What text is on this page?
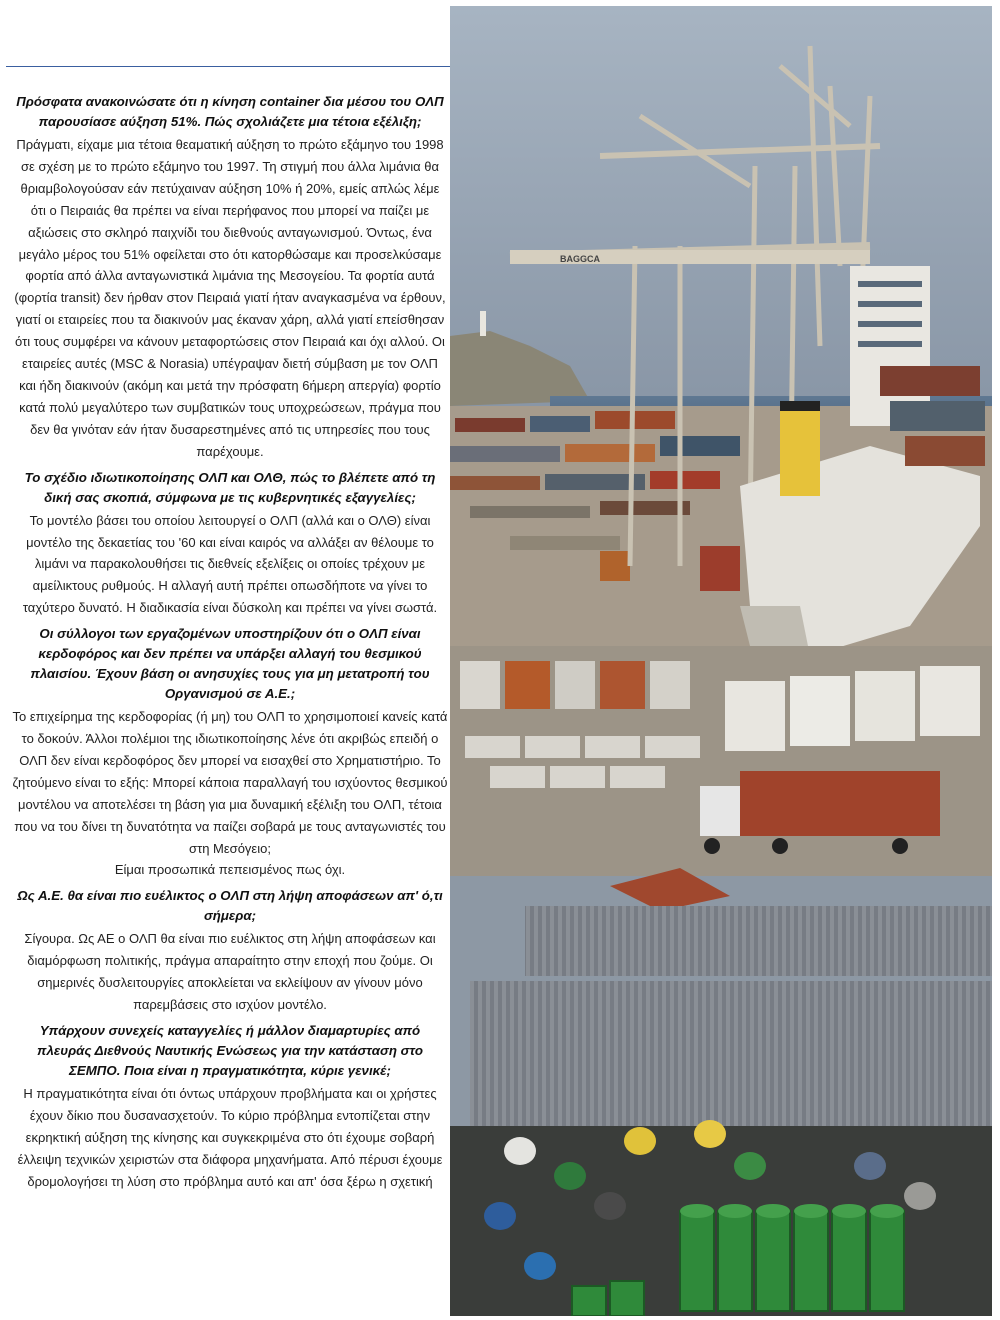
Πρόσφατα ανακοινώσατε ότι η κίνηση container δια μέσου του ΟΛΠ παρουσίασε αύξηση 51%. Πώς σχολιάζετε μια τέτοια εξέλιξη;

Πράγματι, είχαμε μια τέτοια θεαματική αύξηση το πρώτο εξάμηνο του 1998 σε σχέση με το πρώτο εξάμηνο του 1997. Τη στιγμή που άλλα λιμάνια θα θριαμβολογούσαν εάν πετύχαιναν αύξηση 10% ή 20%, εμείς απλώς λέμε ότι ο Πειραιάς θα πρέπει να είναι περήφανος που μπορεί να παίζει με αξιώσεις στο σκληρό παιχνίδι του διεθνούς ανταγωνισμού. Όντως, ένα μεγάλο μέρος του 51% οφείλεται στο ότι κατορθώσαμε και προσελκύσαμε φορτία από άλλα ανταγωνιστικά λιμάνια της Μεσογείου. Τα φορτία αυτά (φορτία transit) δεν ήρθαν στον Πειραιά γιατί ήταν αναγκασμένα να έρθουν, γιατί οι εταιρείες που τα διακινούν μας έκαναν χάρη, αλλά γιατί επείσθησαν ότι τους συμφέρει να κάνουν μεταφορτώσεις στον Πειραιά και όχι αλλού. Οι εταιρείες αυτές (MSC & Norasia) υπέγραψαν διετή σύμβαση με τον ΟΛΠ και ήδη διακινούν (ακόμη και μετά την πρόσφατη 6ήμερη απεργία) φορτίο κατά πολύ μεγαλύτερο των συμβατικών τους υποχρεώσεων, πράγμα που δεν θα γινόταν εάν ήταν δυσαρεστημένες από τις υπηρεσίες που τους παρέχουμε.

Το σχέδιο ιδιωτικοποίησης ΟΛΠ και ΟΛΘ, πώς το βλέπετε από τη δική σας σκοπιά, σύμφωνα με τις κυβερνητικές εξαγγελίες;

Το μοντέλο βάσει του οποίου λειτουργεί ο ΟΛΠ (αλλά και ο ΟΛΘ) είναι μοντέλο της δεκαετίας του '60 και είναι καιρός να αλλάξει αν θέλουμε το λιμάνι να παρακολουθήσει τις διεθνείς εξελίξεις οι οποίες τρέχουν με αμείλικτους ρυθμούς. Η αλλαγή αυτή πρέπει οπωσδήποτε να γίνει το ταχύτερο δυνατό. Η διαδικασία είναι δύσκολη και πρέπει να γίνει σωστά.

Οι σύλλογοι των εργαζομένων υποστηρίζουν ότι ο ΟΛΠ είναι κερδοφόρος και δεν πρέπει να υπάρξει αλλαγή του θεσμικού πλαισίου. Έχουν βάση οι ανησυχίες τους για μη μετατροπή του Οργανισμού σε Α.Ε.;

Το επιχείρημα της κερδοφορίας (ή μη) του ΟΛΠ το χρησιμοποιεί κανείς κατά το δοκούν. Άλλοι πολέμιοι της ιδιωτικοποίησης λένε ότι ακριβώς επειδή ο ΟΛΠ δεν είναι κερδοφόρος δεν μπορεί να εισαχθεί στο Χρηματιστήριο. Το ζητούμενο είναι το εξής: Μπορεί κάποια παραλλαγή του ισχύοντος θεσμικού μοντέλου να αποτελέσει τη βάση για μια δυναμική εξέλιξη του ΟΛΠ, τέτοια που να του δίνει τη δυνατότητα να παίζει σοβαρά με τους ανταγωνιστές του στη Μεσόγειο;

Είμαι προσωπικά πεπεισμένος πως όχι.

Ως Α.Ε. θα είναι πιο ευέλικτος ο ΟΛΠ στη λήψη αποφάσεων απ' ό,τι σήμερα;

Σίγουρα. Ως ΑΕ ο ΟΛΠ θα είναι πιο ευέλικτος στη λήψη αποφάσεων και διαμόρφωση πολιτικής, πράγμα απαραίτητο στην εποχή που ζούμε. Οι σημερινές δυσλειτουργίες αποκλείεται να εκλείψουν αν γίνουν μόνο παρεμβάσεις στο ισχύον μοντέλο.

Υπάρχουν συνεχείς καταγγελίες ή μάλλον διαμαρτυρίες από πλευράς Διεθνούς Ναυτικής Ενώσεως για την κατάσταση στο ΣΕΜΠΟ. Ποια είναι η πραγματικότητα, κύριε γενικέ;

Η πραγματικότητα είναι ότι όντως υπάρχουν προβλήματα και οι χρήστες έχουν δίκιο που δυσανασχετούν. Το κύριο πρόβλημα εντοπίζεται στην εκρηκτική αύξηση της κίνησης και συγκεκριμένα στο ότι έχουμε σοβαρή έλλειψη τεχνικών χειριστών στα διάφορα μηχανήματα. Από πέρυσι έχουμε δρομολογήσει τη λύση στο πρόβλημα αυτό και απ' όσα ξέρω η σχετική

BAGGCA
